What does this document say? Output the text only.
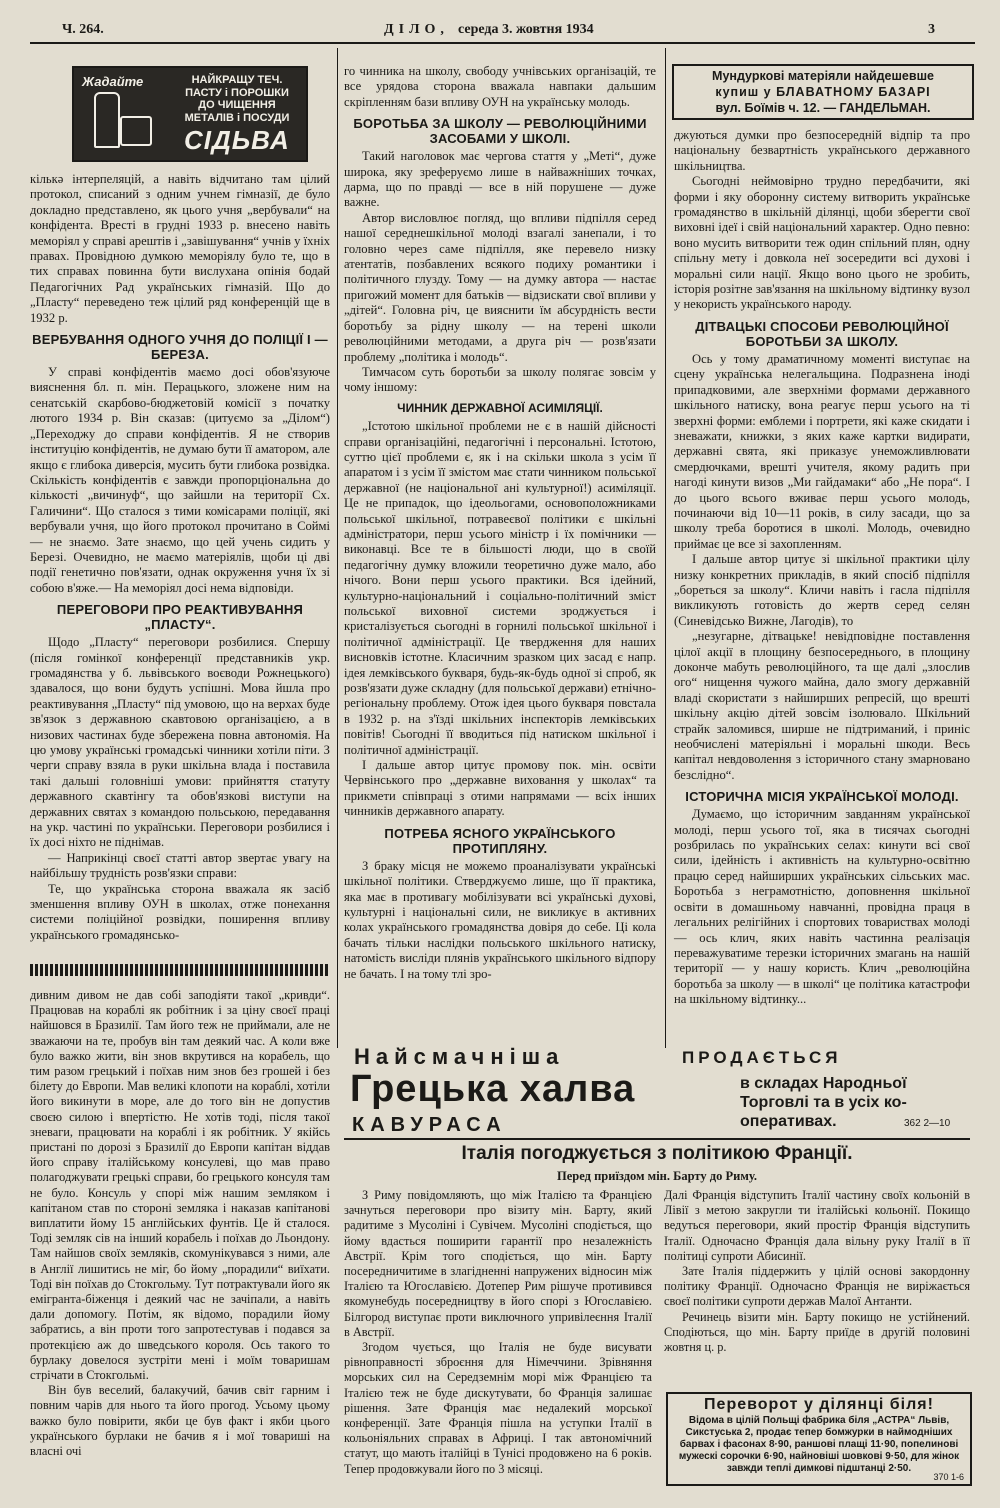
Ч. 264.	ДІЛО, середа 3. жовтня 1934	3
Жадайте	НАЙКРАЩУ ТЕЧ.
ПАСТУ і ПОРОШКИ
ДО ЧИЩЕННЯ
МЕТАЛІВ і ПОСУДИ
СІДЬВА

кількә інтерпеляцій, а навіть відчитано там цілий протокол, списаний з одним учнем гімназії, де було докладно представлено, як цього учня „вербували“ на конфідента. Вресті в грудні 1933 р. внесено навіть меморіял у справі арештів і „завішування“ учнів у їхніх правах. Провідною думкою меморіялу було те, що в тих справах повинна бути вислухана опінія бодай Педагогічних Рад українських гімназій. Що до „Пласту“ переведено теж цілий ряд конференцій ще в 1932 р.

ВЕРБУВАННЯ ОДНОГО УЧНЯ ДО ПОЛІЦІЇ І — БЕРЕЗА.

У справі конфідентів маємо досі обов'язуюче вияснення бл. п. мін. Перацького, зложене ним на сенатській скарбово-бюджетовій комісії з початку лютого 1934 р. Він сказав: (цитуємо за „Ділом“) „Переходжу до справи конфідентів. Я не створив інституцію конфідентів, не думаю бути її аматором, але якщо є глибока диверсія, мусить бути глибока розвідка. Скількість конфідентів є завжди пропорціональна до кількості „вичинуф“, що зайшли на території Сх. Галичини“. Що сталося з тими комісарами поліції, які вербували учня, що його протокол прочитано в Соймі — не знаємо. Зате знаємо, що цей учень сидить у Березі. Очевидно, не маємо матеріялів, щоби ці дві події генетично пов'язати, однак окруження учня їх зі собою в'яже.— На меморіял досі нема відповіди.

ПЕРЕГОВОРИ ПРО РЕАКТИВУВАННЯ „ПЛАСТУ“.

Щодо „Пласту“ переговори розбилися. Спершу (після гомінкої конференції представників укр. громадянства у б. львівського воєводи Рожнецького) здавалося, що вони будуть успішні. Мова йшла про реактивування „Пласту“ під умовою, що на верхах буде зв'язок з державною скавтовою організацією, а в низових частинах буде збережена повна автономія. На цю умову українські громадські чинники хотіли піти. З черги справу взяла в руки шкільна влада і поставила такі дальші головніші умови: прийняття статуту державного скавтінгу та обов'язкові виступи на державних святах з командою польською, передавання на укр. частині по українськи. Переговори розбилися і їх досі ніхто не піднімав.

— Наприкінці своєї статті автор звертає увагу на найбільшу трудність розв'язки справи:

Те, що українська сторона вважала як засіб зменшення впливу ОУН в школах, отже понехання системи поліційної розвідки, поширення впливу українського громадянсько-

го чинника на школу, свободу учнівських організацій, те все урядова сторона вважала навпаки дальшим скріпленням бази впливу ОУН на українську молодь.

БОРОТЬБА ЗА ШКОЛУ — РЕВОЛЮЦІЙНИМИ ЗАСОБАМИ У ШКОЛІ.

Такий наголовок має чергова стаття у „Меті“, дуже широка, яку зреферуємо лише в найважніших точках, дарма, що по правді — все в ній порушене — дуже важне.

Автор висловлює погляд, що впливи підпілля серед нашої середнешкільної молоді взагалі занепали, і то головно через саме підпілля, яке перевело низку атентатів, позбавлених всякого подиху романтики і політичного глузду. Тому — на думку автора — настає пригожий момент для батьків — відзискати свої впливи у „дітей“. Головна річ, це вияснити їм абсурдність вести боротьбу за рідну школу — на терені школи революційними методами, а друга річ — розв'язати проблему „політика і молодь“.

Тимчасом суть боротьби за школу полягає зовсім у чому іншому:

ЧИННИК ДЕРЖАВНОЇ АСИМІЛЯЦІЇ.

„Істотою шкільної проблеми не є в нашій дійсності справи організаційні, педагогічні і персональні. Істотою, суттю цієї проблеми є, як і на скільки школа з усім її апаратом і з усім її змістом має стати чинником польської державної (не національної ані культурної!) асиміляції. Це не припадок, що ідеольогами, основоположниками польської шкільної, потравеєвої політики є шкільні адміністратори, перш усього міністр і їх помічники — виконавці. Все те в більшості люди, що в своїй педагогічну думку вложили теоретично дуже мало, або нічого. Вони перш усього практики. Вся ідейний, культурно-національний і соціально-політичний зміст польської виховної системи зроджується і кристалізується сьогодні в горнилі польської шкільної і політичної адміністрації. Це твердження для наших висновків істотне. Класичним зразком цих засад є напр. ідея лемківського букваря, будь-як-будь одної зі спроб, як розв'язати дуже складну (для польської держави) етнічно-регіональну проблему. Отож ідея цього букваря повстала в 1932 р. на з'їзді шкільних інспекторів лемківських повітів! Сьогодні її вводиться під натиском шкільної і політичної адміністрації.

І дальше автор цитує промову пок. мін. освіти Червінського про „державне виховання у школах“ та прикмети співпраці з отими напрямами — всіх інших чинників державного апарату.

ПОТРЕБА ЯСНОГО УКРАЇНСЬКОГО ПРОТИПЛЯНУ.

З браку місця не можемо проаналізувати українські шкільної політики. Стверджуємо лише, що її практика, яка має в противагу мобілізувати всі українські духові, культурні і національні сили, не викликує в активних колах українського громадянства довіря до себе. Ці кола бачать тільки наслідки польського шкільного натиску, натомість висліди плянів українського шкільного відпору не бачать. І на тому тлі зро-

Мундуркові матеріяли найдешевше
купиш у БЛАВАТНОМУ БАЗАРІ
вул. Боїмів ч. 12. — ГАНДЕЛЬМАН.

джуються думки про безпосередній відпір та про національну безвартність українського державного шкільництва.

Сьогодні неймовірно трудно передбачити, які форми і яку оборонну систему витворить українське громадянство в шкільній ділянці, щоби зберегти свої виховні ідеї і свій національний характер. Одно певно: воно мусить витворити теж один спільний плян, одну спільну мету і довкола неї зосередити всі духові і моральні сили нації. Якщо воно цього не зробить, історія розітне зав'язання на шкільному відтинку вузол у некористь українського народу.

ДІТВАЦЬКІ СПОСОБИ РЕВОЛЮЦІЙНОЇ БОРОТЬБИ ЗА ШКОЛУ.

Ось у тому драматичному моменті виступає на сцену українська нелегальщина. Подразнена іноді припадковими, але зверхніми формами державного шкільного натиску, вона реагує перш усього на ті зверхні форми: емблеми і портрети, які каже скидати і зневажати, книжки, з яких каже картки видирати, державні свята, які приказує унеможливлювати смердючками, врешті учителя, якому радить при нагоді кинути визов „Ми гайдамаки“ або „Не пора“. І до цього всього вживає перш усього молодь, починаючи від 10—11 років, в силу засади, що за школу треба боротися в школі. Молодь, очевидно приймає це все зі захопленням.

І дальше автор цитує зі шкільної практики цілу низку конкретних прикладів, в який спосіб підпілля „бореться за школу“. Кличи навіть і гасла підпілля викликують готовість до жертв серед селян (Синевідсько Вижне, Лагодів), то

„незугарне, дітвацьке! невідповідне поставлення цілої акції в площину безпосереднього, в площину доконче мабуть революційного, та ще далі „злослив ого“ нищення чужого майна, дало змогу державній владі скористати з найширших репресій, що врешті шкільну акцію дітей зовсім ізолювало. Шкільний страйк заломився, ширше не підтриманий, і приніс необчислені матеріяльні і моральні шкоди. Весь капітал невдоволення з історичного стану змарновано безслідно“.

ІСТОРИЧНА МІСІЯ УКРАЇНСЬКОЇ МОЛОДІ.

Думаємо, що історичним завданням української молоді, перш усього тої, яка в тисячах сьогодні розбрилась по українських селах: кинути всі свої сили, ідейність і активність на культурно-освітню працю серед найширших українських сільських мас. Боротьба з неграмотністю, доповнення шкільної освіти в домашньому навчанні, провідна праця в легальних релігійних і спортових товариствах молоді — ось клич, яких навіть частинна реалізація переважуватиме терезки історичних змагань на нашій території — у нашу користь. Клич „революційна боротьба за школу — в школі“ це політика катастрофи на шкільному відтинку...

дивним дивом не дав собі заподіяти такої „кривди“. Працював на кораблі як робітник і за ціну своєї праці найшовся в Бразилії. Там його теж не приймали, але не зважаючи на те, пробув він там деякий час. А коли вже було важко жити, він знов вкрутився на корабель, що тим разом грецький і поїхав ним знов без грошей і без білету до Европи. Мав великі клопоти на кораблі, хотіли його викинути в море, але до того він не допустив своєю силою і впертістю. Не хотів тоді, після такої зневаги, працювати на кораблі і як робітник. У якійсь пристані по дорозі з Бразилії до Европи капітан віддав його справу італійському консулеві, що мав право полагоджувати грецькі справи, бо грецького консуля там не було. Консуль у спорі між нашим земляком і капітаном став по стороні земляка і наказав капітанові виплатити йому 15 англійських фунтів. Це й сталося. Тоді земляк сів на інший корабель і поїхав до Льондону. Там найшов своїх земляків, скомунікувався з ними, але в Англії лишитись не міг, бо йому „порадили“ виїхати. Тоді він поїхав до Стокгольму. Тут потрактували його як емігранта-біженця і деякий час не зачіпали, а навіть дали допомогу. Потім, як відомо, порадили йому забратись, а він проти того запротестував і подався за протекцією аж до шведського короля. Ось такого то бурлаку довелося зустріти мені і моїм товаришам стрічати в Стокгольмі.

Він був веселий, балакучий, бачив світ гарним і повним чарів для нього та його прогод. Усьому цьому важко було повірити, якби це був факт і якби цього українського бурлаки не бачив я і мої товариші на власні очі

Найсмачніша
Грецька халва
КАВУРАСА
ПРОДАЄТЬСЯ
в складах Народньої
Торговлі та в усіх ко-
оперативах.	362 2—10
Італія погоджується з політикою Франції.
Перед приїздом мін. Барту до Риму.

З Риму повідомляють, що між Італією та Францією зачнуться переговори про візиту мін. Барту, який радитиме з Мусоліні і Сувічем. Мусоліні сподіється, що йому вдасться поширити гарантії про незалежність Австрії. Крім того сподіється, що мін. Барту посередничитиме в злагідненні напружених відносин між Італією та Югославією. Дотепер Рим рішуче противився якомунебудь посередництву в його спорі з Югославією. Білгород виступає проти виключного упривілеєння Італії в Австрії.

Згодом чується, що Італія не буде висувати рівноправності зброєння для Німеччини. Зрівняння морських сил на Середземнім морі між Францією та Італією теж не буде дискутувати, бо Франція залишає рішення. Зате Франція має недалекий морської конференції. Зате Франція пішла на уступки Італії в кольоніяльних справах в Африці. І так автономічний статут, що мають італійці в Тунісі продовжено на 6 років. Тепер продовжували його по 3 місяці.

Далі Франція відступить Італії частину своїх кольоній в Лівії з метою закругли ти італійські кольонії. Покищо ведуться переговори, який простір Франція відступить Італії. Одночасно Франція дала вільну руку Італії в її політиці супроти Абисинії.

Зате Італія піддержить у цілій основі закордонну політику Франції. Одночасно Франція не виріжається своєї політики супроти держав Малої Антанти.

Речинець візити мін. Барту покищо не устійнений. Сподіються, що мін. Барту приїде в другій половині жовтня ц. р.

Переворот у ділянці біля!
Відома в цілій Польщі фабрика біля „АСТРА“ Львів, Сикстуська 2, продає тепер бомжурки в наймодніших барвах і фасонах 8·90, раншові плащі 11·90, попелинові мужескі сорочки 6·90, найновіші шовкові 9·50, для жінок завжди теплі димкові підштанці 2·50.
370 1-6
